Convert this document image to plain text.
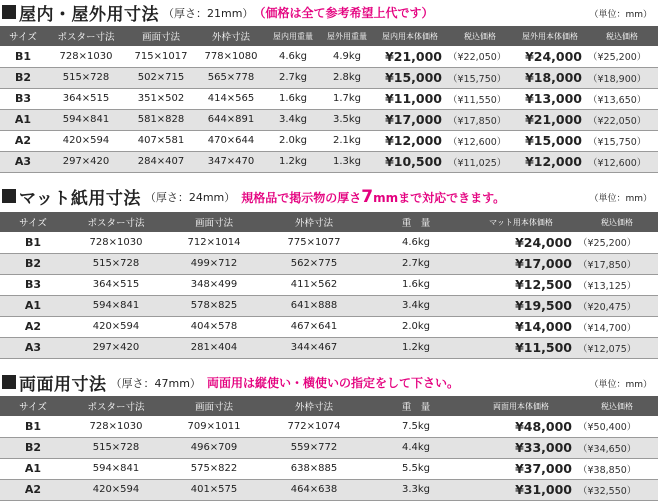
屋内・屋外用寸法 （厚さ：21mm） （価格は全て参考希望上代です）	（単位：mm）
サイズ	ポスター寸法	画面寸法	外枠寸法	屋内用重量	屋外用重量	屋内用本体価格	税込価格	屋外用本体価格	税込価格
B1	728×1030	715×1017	778×1080	4.6kg	4.9kg	¥21,000	（¥22,050）	¥24,000	（¥25,200）
B2	515×728	502×715	565×778	2.7kg	2.8kg	¥15,000	（¥15,750）	¥18,000	（¥18,900）
B3	364×515	351×502	414×565	1.6kg	1.7kg	¥11,000	（¥11,550）	¥13,000	（¥13,650）
A1	594×841	581×828	644×891	3.4kg	3.5kg	¥17,000	（¥17,850）	¥21,000	（¥22,050）
A2	420×594	407×581	470×644	2.0kg	2.1kg	¥12,000	（¥12,600）	¥15,000	（¥15,750）
A3	297×420	284×407	347×470	1.2kg	1.3kg	¥10,500	（¥11,025）	¥12,000	（¥12,600）
マット紙用寸法 （厚さ：24mm） 規格品で掲示物の厚さ7mmまで対応できます。	（単位：mm）
サイズ	ポスター寸法	画面寸法	外枠寸法	重　量	マット用本体価格	税込価格
B1	728×1030	712×1014	775×1077	4.6kg	¥24,000	（¥25,200）
B2	515×728	499×712	562×775	2.7kg	¥17,000	（¥17,850）
B3	364×515	348×499	411×562	1.6kg	¥12,500	（¥13,125）
A1	594×841	578×825	641×888	3.4kg	¥19,500	（¥20,475）
A2	420×594	404×578	467×641	2.0kg	¥14,000	（¥14,700）
A3	297×420	281×404	344×467	1.2kg	¥11,500	（¥12,075）
両面用寸法 （厚さ：47mm） 両面用は縦使い・横使いの指定をして下さい。	（単位：mm）
サイズ	ポスター寸法	画面寸法	外枠寸法	重　量	両面用本体価格	税込価格
B1	728×1030	709×1011	772×1074	7.5kg	¥48,000	（¥50,400）
B2	515×728	496×709	559×772	4.4kg	¥33,000	（¥34,650）
A1	594×841	575×822	638×885	5.5kg	¥37,000	（¥38,850）
A2	420×594	401×575	464×638	3.3kg	¥31,000	（¥32,550）
